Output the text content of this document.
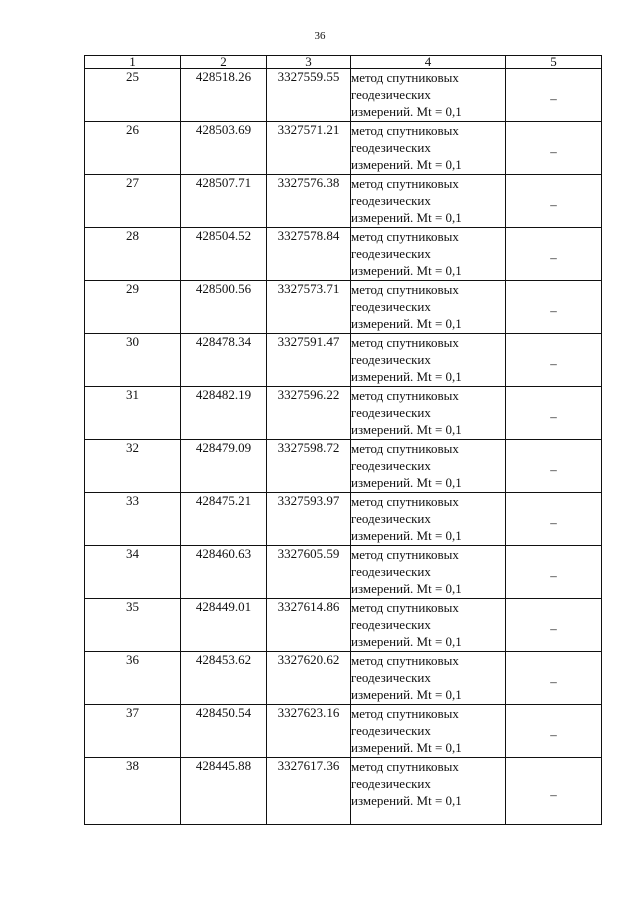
36
1	2	3	4	5
25	428518.26	3327559.55	метод спутниковых
геодезических
измерений. Mt = 0,1	–
26	428503.69	3327571.21	метод спутниковых
геодезических
измерений. Mt = 0,1	–
27	428507.71	3327576.38	метод спутниковых
геодезических
измерений. Mt = 0,1	–
28	428504.52	3327578.84	метод спутниковых
геодезических
измерений. Mt = 0,1	–
29	428500.56	3327573.71	метод спутниковых
геодезических
измерений. Mt = 0,1	–
30	428478.34	3327591.47	метод спутниковых
геодезических
измерений. Mt = 0,1	–
31	428482.19	3327596.22	метод спутниковых
геодезических
измерений. Mt = 0,1	–
32	428479.09	3327598.72	метод спутниковых
геодезических
измерений. Mt = 0,1	–
33	428475.21	3327593.97	метод спутниковых
геодезических
измерений. Mt = 0,1	–
34	428460.63	3327605.59	метод спутниковых
геодезических
измерений. Mt = 0,1	–
35	428449.01	3327614.86	метод спутниковых
геодезических
измерений. Mt = 0,1	–
36	428453.62	3327620.62	метод спутниковых
геодезических
измерений. Mt = 0,1	–
37	428450.54	3327623.16	метод спутниковых
геодезических
измерений. Mt = 0,1	–
38	428445.88	3327617.36	метод спутниковых
геодезических
измерений. Mt = 0,1	–
